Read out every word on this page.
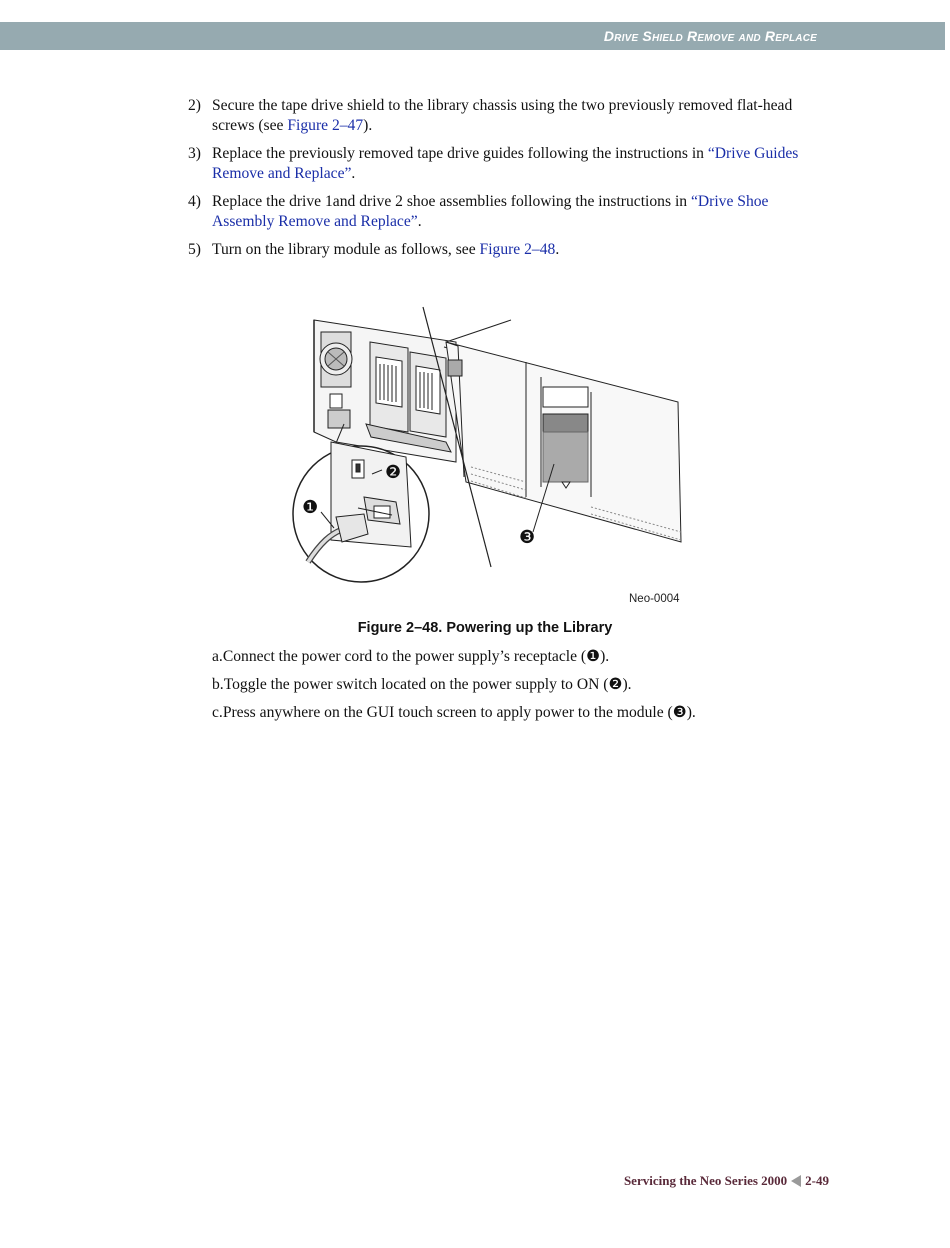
Drive Shield Remove and Replace
2) Secure the tape drive shield to the library chassis using the two previously removed flat-head screws (see Figure 2–47).
3) Replace the previously removed tape drive guides following the instructions in “Drive Guides Remove and Replace”.
4) Replace the drive 1and drive 2 shoe assemblies following the instructions in “Drive Shoe Assembly Remove and Replace”.
5) Turn on the library module as follows, see Figure 2–48.
❶
❷
❸
Neo-0004
Figure 2–48. Powering up the Library
a.Connect the power cord to the power supply’s receptacle (❶).
b.Toggle the power switch located on the power supply to ON (❷).
c.Press anywhere on the GUI touch screen to apply power to the module (❸).
Servicing the Neo Series 2000 2-49
